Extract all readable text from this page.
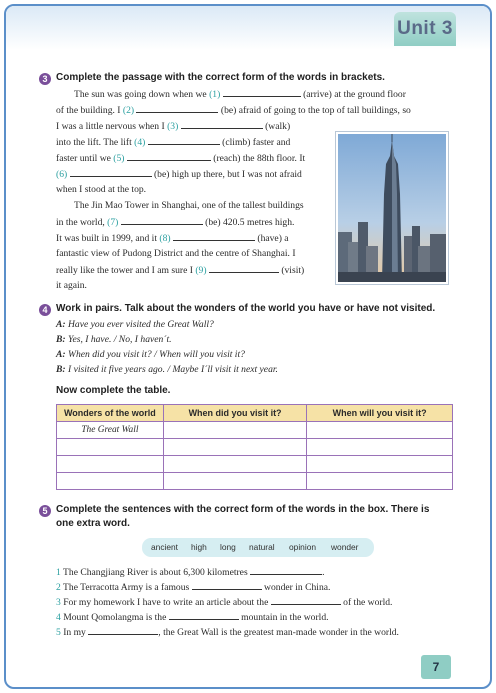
Unit 3
3 Complete the passage with the correct form of the words in brackets.
The sun was going down when we (1)	(arrive) at the ground floor
of the building. I (2)	(be) afraid of going to the top of tall buildings, so
I was a little nervous when I (3)	(walk)
into the lift. The lift (4)	(climb) faster and
faster until we (5)	(reach) the 88th floor. It
(6)	(be) high up there, but I was not afraid
when I stood at the top.
The Jin Mao Tower in Shanghai, one of the tallest buildings
in the world, (7)	(be) 420.5 metres high.
It was built in 1999, and it (8)	(have) a
fantastic view of Pudong District and the centre of Shanghai. I
really like the tower and I am sure I (9)	(visit)
it again.
4 Work in pairs. Talk about the wonders of the world you have or have not visited.
A: Have you ever visited the Great Wall?
B: Yes, I have. / No, I haven´t.
A: When did you visit it? / When will you visit it?
B: I visited it five years ago. / Maybe I´ll visit it next year.
Now complete the table.
Wonders of the world	When did you visit it?	When will you visit it?
The Great Wall		

5 Complete the sentences with the correct form of the words in the box. There is
one extra word.
ancient high long natural opinion wonder
1 The Changjiang River is about 6,300 kilometres	.
2 The Terracotta Army is a famous	wonder in China.
3 For my homework I have to write an article about the	of the world.
4 Mount Qomolangma is the	mountain in the world.
5 In my	, the Great Wall is the greatest man-made wonder in the world.
7
